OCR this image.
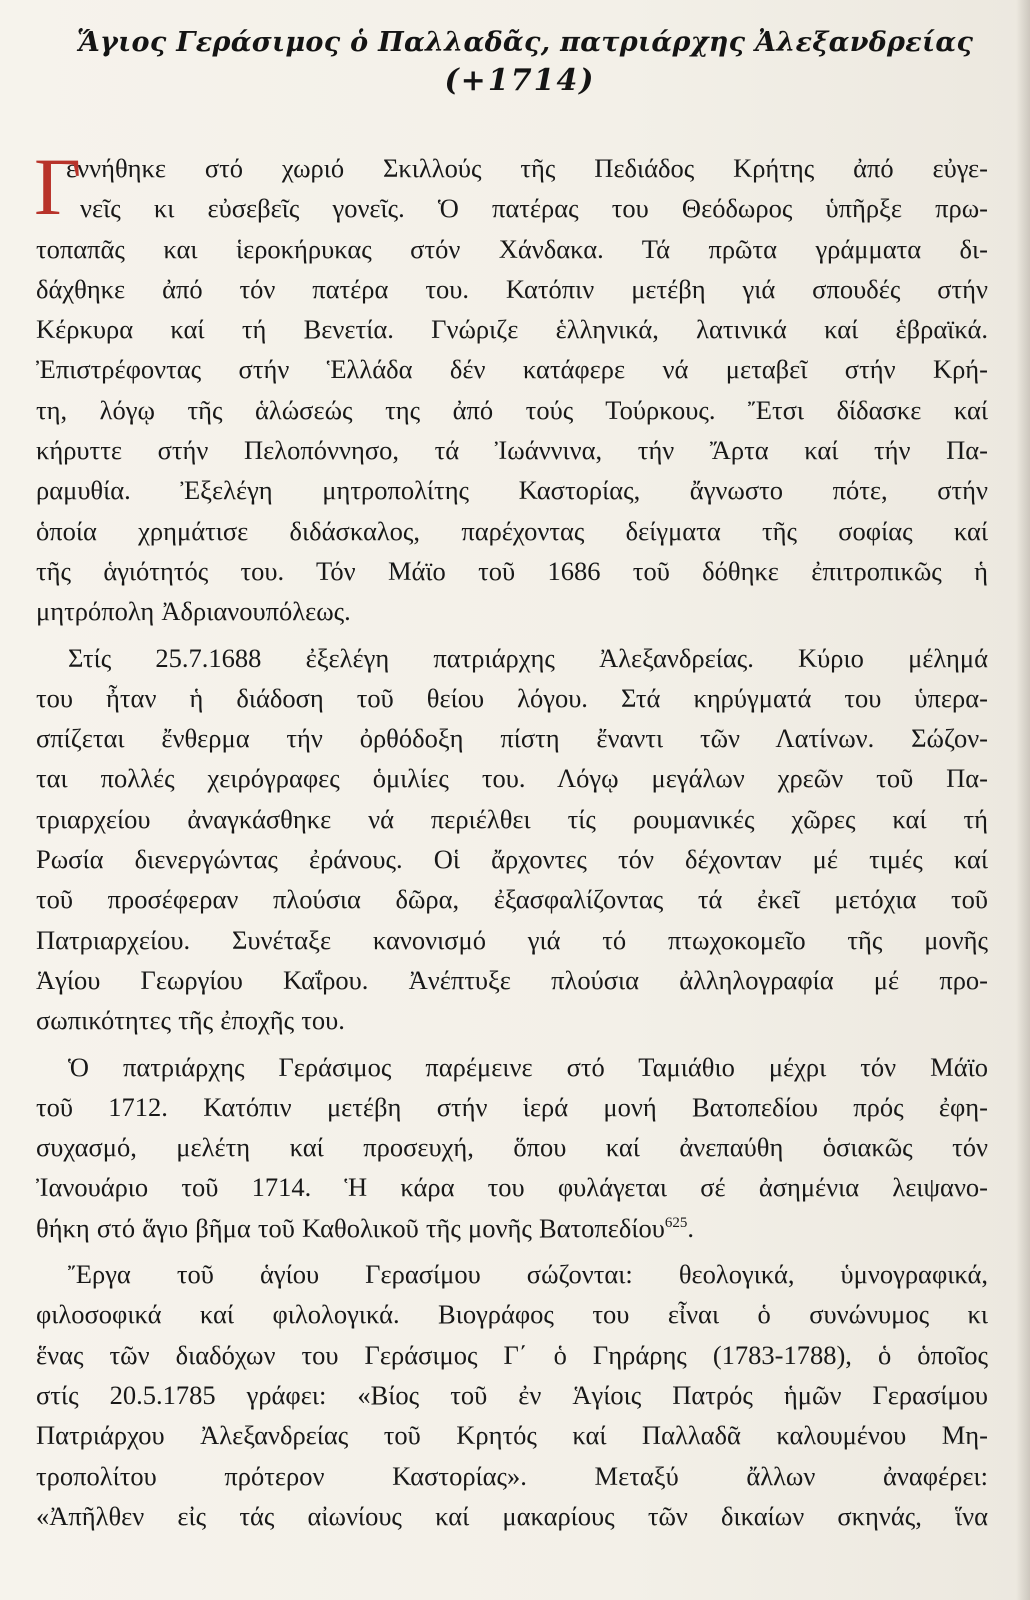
Ἅγιος Γεράσιμος ὁ Παλλαδᾶς, πατριάρχης Ἀλεξανδρείας
(+1714)
Γ

εννήθηκε στό χωριό Σκιλλούς τῆς Πεδιάδος Κρήτης ἀπό εὐγε-
νεῖς κι εὐσεβεῖς γονεῖς. Ὁ πατέρας του Θεόδωρος ὑπῆρξε πρω-
τοπαπᾶς και ἱεροκήρυκας στόν Χάνδακα. Τά πρῶτα γράμματα δι-
δάχθηκε ἀπό τόν πατέρα του. Κατόπιν μετέβη γιά σπουδές στήν
Κέρκυρα καί τή Βενετία. Γνώριζε ἑλληνικά, λατινικά καί ἑβραϊκά.
Ἐπιστρέφοντας στήν Ἑλλάδα δέν κατάφερε νά μεταβεῖ στήν Κρή-
τη, λόγῳ τῆς ἁλώσεώς της ἀπό τούς Τούρκους. Ἔτσι δίδασκε καί
κήρυττε στήν Πελοπόννησο, τά Ἰωάννινα, τήν Ἄρτα καί τήν Πα-
ραμυθία. Ἐξελέγη μητροπολίτης Καστορίας, ἄγνωστο πότε, στήν
ὁποία χρημάτισε διδάσκαλος, παρέχοντας δείγματα τῆς σοφίας καί
τῆς ἁγιότητός του. Τόν Μάϊο τοῦ 1686 τοῦ δόθηκε ἐπιτροπικῶς ἡ
μητρόπολη Ἀδριανουπόλεως.

Στίς 25.7.1688 ἐξελέγη πατριάρχης Ἀλεξανδρείας. Κύριο μέλημά
του ἦταν ἡ διάδοση τοῦ θείου λόγου. Στά κηρύγματά του ὑπερα-
σπίζεται ἔνθερμα τήν ὀρθόδοξη πίστη ἔναντι τῶν Λατίνων. Σώζον-
ται πολλές χειρόγραφες ὁμιλίες του. Λόγῳ μεγάλων χρεῶν τοῦ Πα-
τριαρχείου ἀναγκάσθηκε νά περιέλθει τίς ρουμανικές χῶρες καί τή
Ρωσία διενεργώντας ἐράνους. Οἱ ἄρχοντες τόν δέχονταν μέ τιμές καί
τοῦ προσέφεραν πλούσια δῶρα, ἐξασφαλίζοντας τά ἐκεῖ μετόχια τοῦ
Πατριαρχείου. Συνέταξε κανονισμό γιά τό πτωχοκομεῖο τῆς μονῆς
Ἁγίου Γεωργίου Καΐρου. Ἀνέπτυξε πλούσια ἀλληλογραφία μέ προ-
σωπικότητες τῆς ἐποχῆς του.

Ὁ πατριάρχης Γεράσιμος παρέμεινε στό Ταμιάθιο μέχρι τόν Μάϊο
τοῦ 1712. Κατόπιν μετέβη στήν ἱερά μονή Βατοπεδίου πρός ἐφη-
συχασμό, μελέτη καί προσευχή, ὅπου καί ἀνεπαύθη ὁσιακῶς τόν
Ἰανουάριο τοῦ 1714. Ἡ κάρα του φυλάγεται σέ ἀσημένια λειψανο-
θήκη στό ἅγιο βῆμα τοῦ Καθολικοῦ τῆς μονῆς Βατοπεδίου$^{625}$.

Ἔργα τοῦ ἁγίου Γερασίμου σώζονται: θεολογικά, ὑμνογραφικά,
φιλοσοφικά καί φιλολογικά. Βιογράφος του εἶναι ὁ συνώνυμος κι
ἕνας τῶν διαδόχων του Γεράσιμος Γ΄ ὁ Γηράρης (1783-1788), ὁ ὁποῖος
στίς 20.5.1785 γράφει: «Βίος τοῦ ἐν Ἁγίοις Πατρός ἡμῶν Γερασίμου
Πατριάρχου Ἀλεξανδρείας τοῦ Κρητός καί Παλλαδᾶ καλουμένου Μη-
τροπολίτου πρότερον Καστορίας». Μεταξύ ἄλλων ἀναφέρει:
«Ἀπῆλθεν εἰς τάς αἰωνίους καί μακαρίους τῶν δικαίων σκηνάς, ἵνα
